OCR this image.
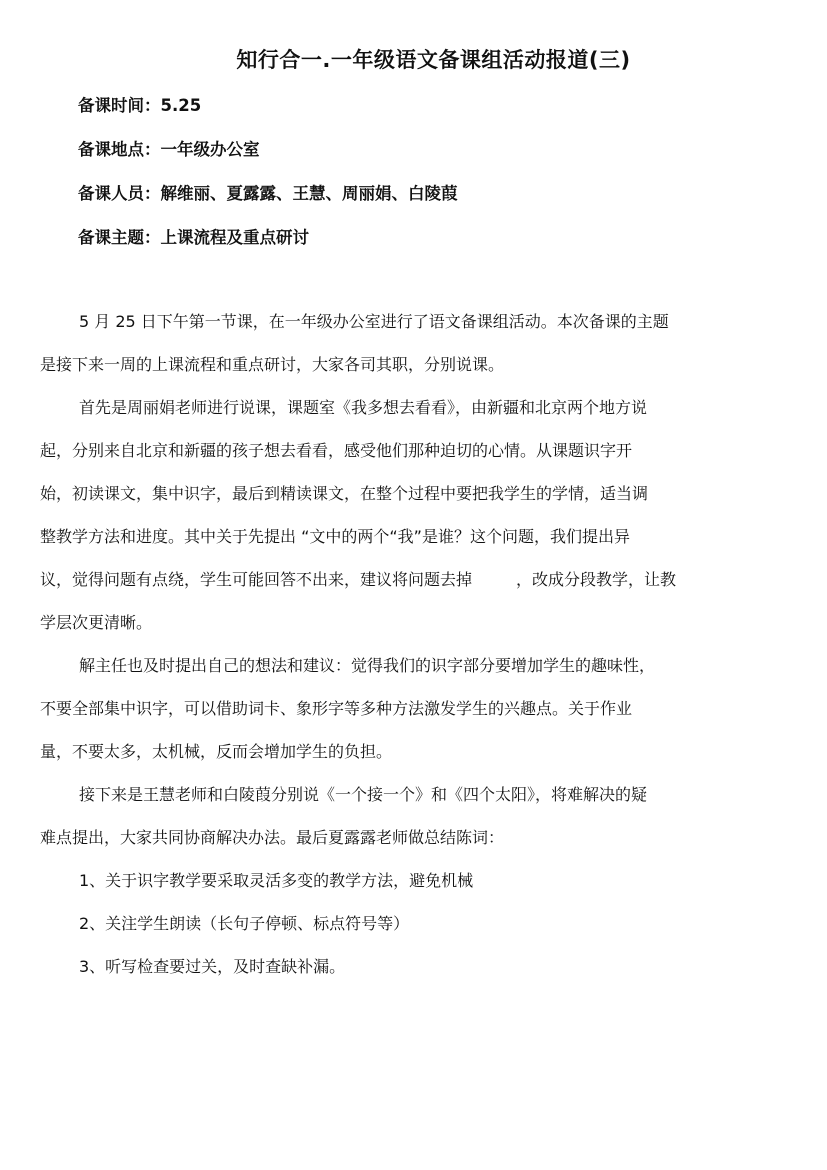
知行合一.一年级语文备课组活动报道(三)
备课时间：5.25
备课地点：一年级办公室
备课人员：解维丽、夏露露、王慧、周丽娟、白陵葭
备课主题：上课流程及重点研讨
5 月 25 日下午第一节课，在一年级办公室进行了语文备课组活动。本次备课的主题
是接下来一周的上课流程和重点研讨，大家各司其职，分别说课。
首先是周丽娟老师进行说课，课题室《我多想去看看》，由新疆和北京两个地方说
起，分别来自北京和新疆的孩子想去看看，感受他们那种迫切的心情。从课题识字开
始，初读课文，集中识字，最后到精读课文，在整个过程中要把我学生的学情，适当调
整教学方法和进度。其中关于先提出 “文中的两个“我”是谁？这个问题，我们提出异
议，觉得问题有点绕，学生可能回答不出来，建议将问题去掉	，改成分段教学，让教
学层次更清晰。
解主任也及时提出自己的想法和建议：觉得我们的识字部分要增加学生的趣味性，
不要全部集中识字，可以借助词卡、象形字等多种方法激发学生的兴趣点。关于作业
量，不要太多，太机械，反而会增加学生的负担。
接下来是王慧老师和白陵葭分别说《一个接一个》和《四个太阳》，将难解决的疑
难点提出，大家共同协商解决办法。最后夏露露老师做总结陈词：
1、关于识字教学要采取灵活多变的教学方法，避免机械
2、关注学生朗读（长句子停顿、标点符号等）
3、听写检查要过关，及时查缺补漏。
